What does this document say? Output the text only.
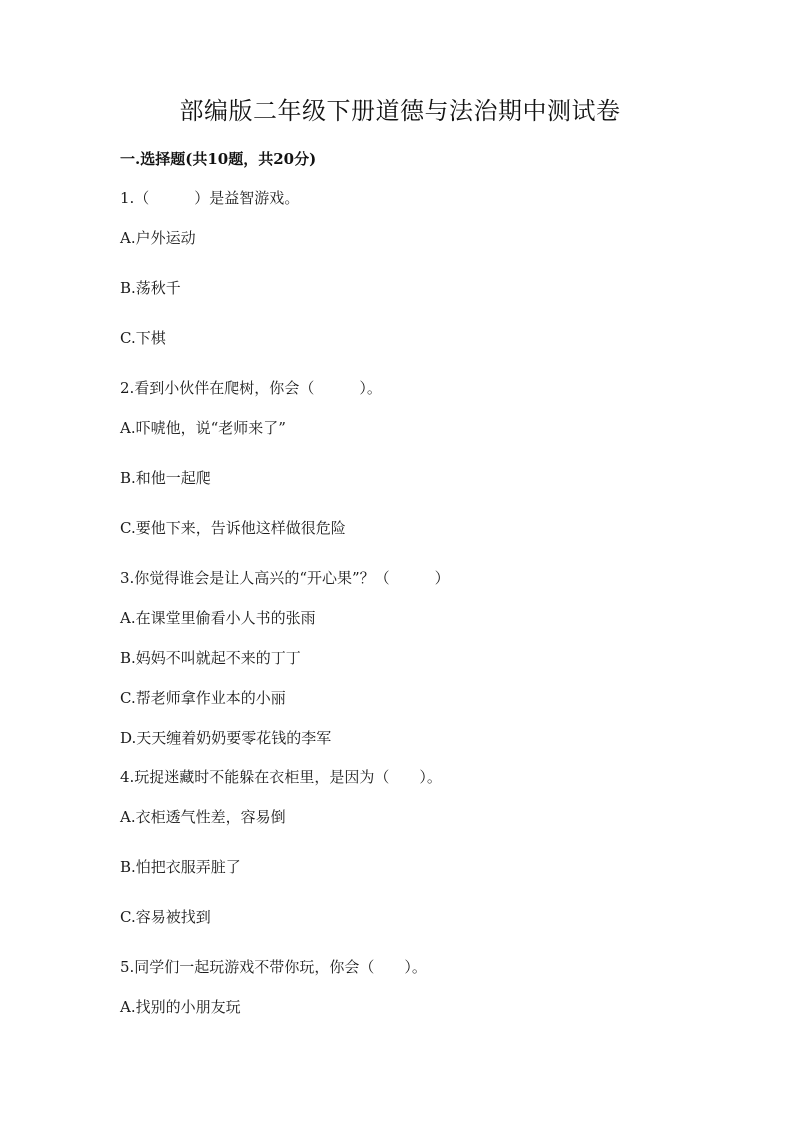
部编版二年级下册道德与法治期中测试卷
一.选择题(共10题，共20分)
1.（　　　）是益智游戏。
A.户外运动
B.荡秋千
C.下棋
2.看到小伙伴在爬树，你会（　　　）。
A.吓唬他，说“老师来了”
B.和他一起爬
C.要他下来，告诉他这样做很危险
3.你觉得谁会是让人高兴的“开心果”？（　　　）
A.在课堂里偷看小人书的张雨
B.妈妈不叫就起不来的丁丁
C.帮老师拿作业本的小丽
D.天天缠着奶奶要零花钱的李军
4.玩捉迷藏时不能躲在衣柜里，是因为（　　）。
A.衣柜透气性差，容易倒
B.怕把衣服弄脏了
C.容易被找到
5.同学们一起玩游戏不带你玩，你会（　　）。
A.找别的小朋友玩
